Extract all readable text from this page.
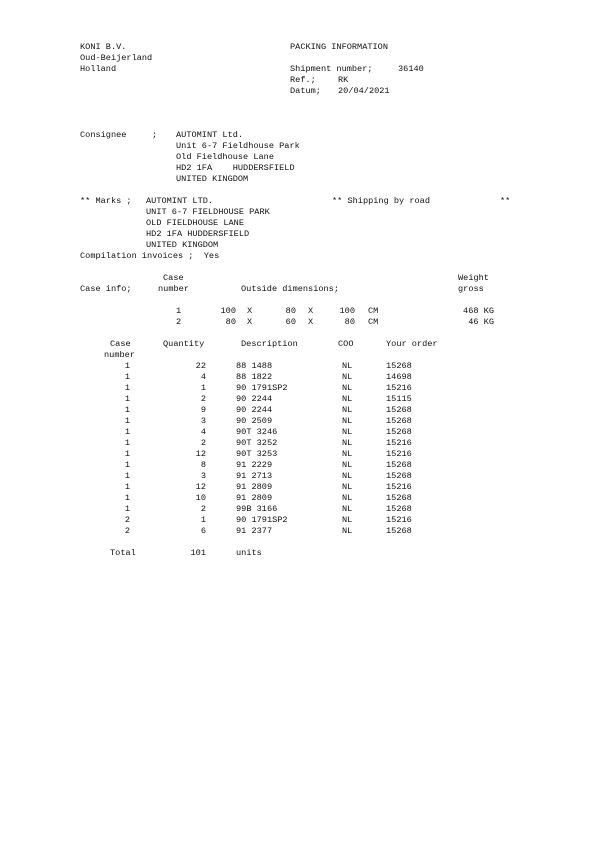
KONI B.V.
Oud-Beijerland
Holland
PACKING INFORMATION
Shipment number;	36140
Ref.;	RK
Datum; 20/04/2021
Consignee	; AUTOMINT Ltd.
Unit 6-7 Fieldhouse Park
Old Fieldhouse Lane
HD2 1FA    HUDDERSFIELD
UNITED KINGDOM
** Marks ; AUTOMINT LTD.
UNIT 6-7 FIELDHOUSE PARK
OLD FIELDHOUSE LANE
HD2 1FA HUDDERSFIELD
UNITED KINGDOM
** Shipping by road	**
Compilation invoices ;  Yes
Case
Case info;	number	Outside dimensions;
Weight
gross
1	100 X	80 X	100 CM	468 KG
2	80 X	60 X	80 CM	46 KG
Case
number
Quantity	Description	COO	Your order
1	22	88 1488	NL	15268
1	4	88 1822	NL	14698
1	1	90 1791SP2	NL	15216
1	2	90 2244	NL	15115
1	9	90 2244	NL	15268
1	3	90 2509	NL	15268
1	4	90T 3246	NL	15268
1	2	90T 3252	NL	15216
1	12	90T 3253	NL	15216
1	8	91 2229	NL	15268
1	3	91 2713	NL	15268
1	12	91 2809	NL	15216
1	10	91 2809	NL	15268
1	2	99B 3166	NL	15268
2	1	90 1791SP2	NL	15216
2	6	91 2377	NL	15268
Total	101	units
